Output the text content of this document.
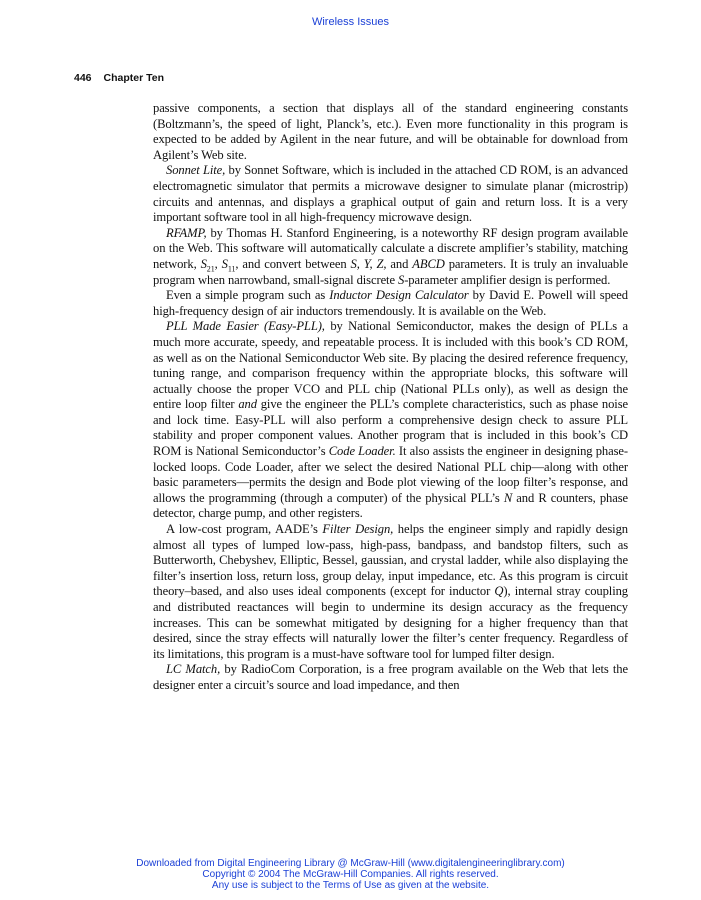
Wireless Issues
446 Chapter Ten

passive components, a section that displays all of the standard engineering constants (Boltzmann’s, the speed of light, Planck’s, etc.). Even more functionality in this program is expected to be added by Agilent in the near future, and will be obtainable for download from Agilent’s Web site.

Sonnet Lite, by Sonnet Software, which is included in the attached CD ROM, is an advanced electromagnetic simulator that permits a microwave designer to simulate planar (microstrip) circuits and antennas, and displays a graphical output of gain and return loss. It is a very important software tool in all high-frequency microwave design.

RFAMP, by Thomas H. Stanford Engineering, is a noteworthy RF design program available on the Web. This software will automatically calculate a discrete amplifier’s stability, matching network, $S_{21}$, $S_{11}$, and convert between S, Y, Z, and ABCD parameters. It is truly an invaluable program when narrowband, small-signal discrete S-parameter amplifier design is performed.

Even a simple program such as Inductor Design Calculator by David E. Powell will speed high-frequency design of air inductors tremendously. It is available on the Web.

PLL Made Easier (Easy-PLL), by National Semiconductor, makes the design of PLLs a much more accurate, speedy, and repeatable process. It is included with this book’s CD ROM, as well as on the National Semiconductor Web site. By placing the desired reference frequency, tuning range, and comparison frequency within the appropriate blocks, this software will actually choose the proper VCO and PLL chip (National PLLs only), as well as design the entire loop filter and give the engineer the PLL’s complete characteristics, such as phase noise and lock time. Easy-PLL will also perform a comprehensive design check to assure PLL stability and proper component values. Another program that is included in this book’s CD ROM is National Semiconductor’s Code Loader. It also assists the engineer in designing phase-locked loops. Code Loader, after we select the desired National PLL chip—along with other basic parameters—permits the design and Bode plot viewing of the loop filter’s response, and allows the programming (through a computer) of the physical PLL’s N and R counters, phase detector, charge pump, and other registers.

A low-cost program, AADE’s Filter Design, helps the engineer simply and rapidly design almost all types of lumped low-pass, high-pass, bandpass, and bandstop filters, such as Butterworth, Chebyshev, Elliptic, Bessel, gaussian, and crystal ladder, while also displaying the filter’s insertion loss, return loss, group delay, input impedance, etc. As this program is circuit theory–based, and also uses ideal components (except for inductor Q), internal stray coupling and distributed reactances will begin to undermine its design accuracy as the frequency increases. This can be somewhat mitigated by designing for a higher frequency than that desired, since the stray effects will naturally lower the filter’s center frequency. Regardless of its limitations, this program is a must-have software tool for lumped filter design.

LC Match, by RadioCom Corporation, is a free program available on the Web that lets the designer enter a circuit’s source and load impedance, and then

Downloaded from Digital Engineering Library @ McGraw-Hill (www.digitalengineeringlibrary.com)
Copyright © 2004 The McGraw-Hill Companies. All rights reserved.
Any use is subject to the Terms of Use as given at the website.
